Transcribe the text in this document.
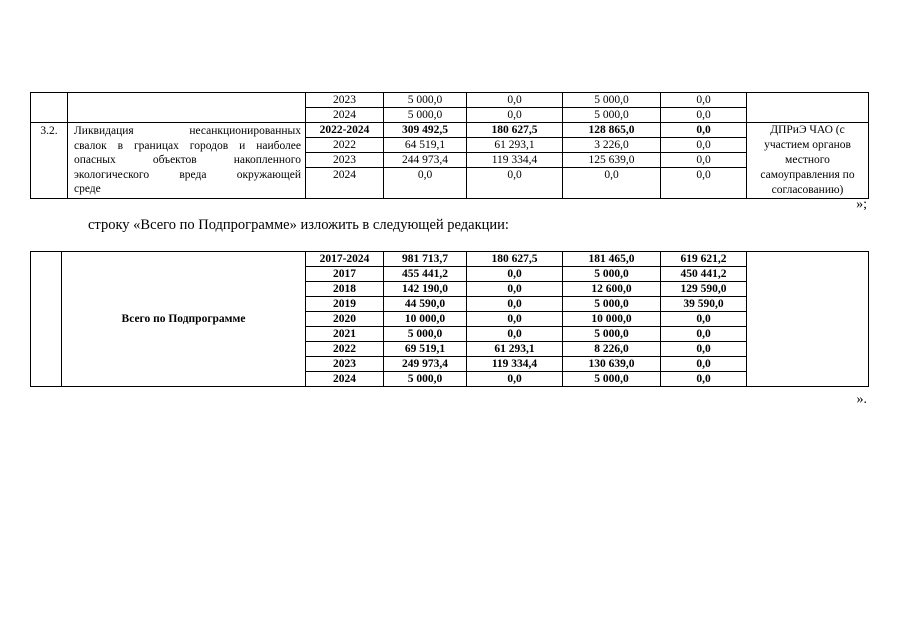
		2023	5 000,0	0,0	5 000,0	0,0	
		2024	5 000,0	0,0	5 000,0	0,0	
3.2.	Ликвидация несанкционированных
свалок в границах городов и наиболее
опасных объектов накопленного
экологического вреда окружающей
среде	2022-2024	309 492,5	180 627,5	128 865,0	0,0	ДПРиЭ ЧАО (с участием органов местного самоуправления по согласованию)
		2022	64 519,1	61 293,1	3 226,0	0,0	
		2023	244 973,4	119 334,4	125 639,0	0,0	
		2024	0,0	0,0	0,0	0,0	

»;
строку «Всего по Подпрограмме» изложить в следующей редакции:
	Всего по Подпрограмме	2017-2024	981 713,7	180 627,5	181 465,0	619 621,2	
		2017	455 441,2	0,0	5 000,0	450 441,2	
		2018	142 190,0	0,0	12 600,0	129 590,0	
		2019	44 590,0	0,0	5 000,0	39 590,0	
		2020	10 000,0	0,0	10 000,0	0,0	
		2021	5 000,0	0,0	5 000,0	0,0	
		2022	69 519,1	61 293,1	8 226,0	0,0	
		2023	249 973,4	119 334,4	130 639,0	0,0	
		2024	5 000,0	0,0	5 000,0	0,0	
».
